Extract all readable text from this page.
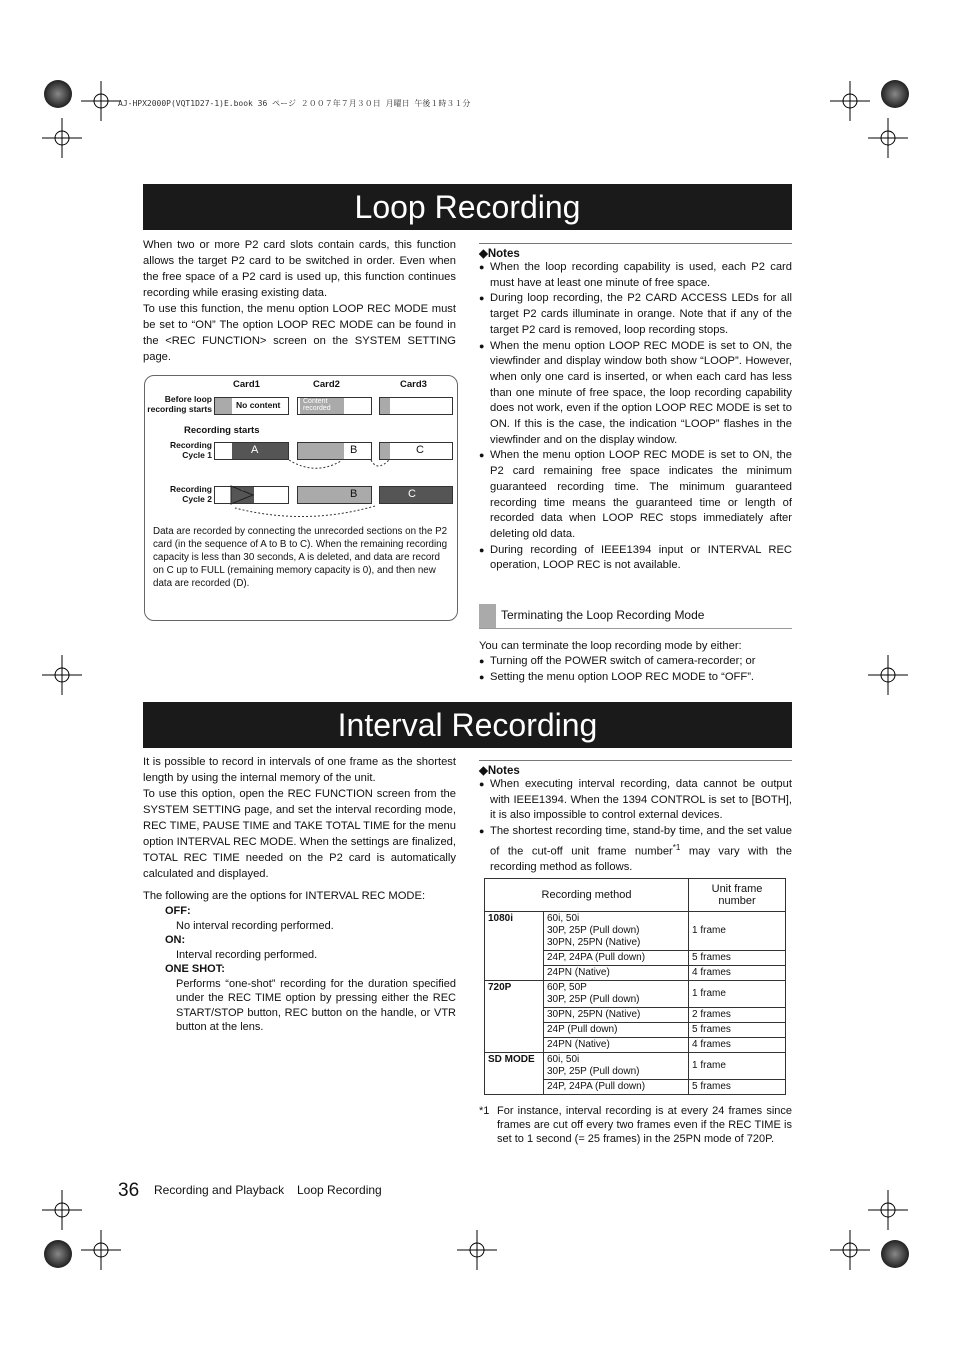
AJ-HPX2000P(VQT1D27-1)E.book 36 ページ ２００７年７月３０日 月曜日 午後１時３１分
Loop Recording

When two or more P2 card slots contain cards, this function allows the target P2 card to be switched in order. Even when the free space of a P2 card is used up, this function continues recording while erasing existing data.

To use this function, the menu option LOOP REC MODE must be set to “ON” The option LOOP REC MODE can be found in the <REC FUNCTION> screen on the SYSTEM SETTING page.

Card1	Card2	Card3
Before loop recording starts	No content	Content recorded
Recording starts
Recording Cycle 1	A	B	C
Recording Cycle 2	B	C
Data are recorded by connecting the unrecorded sections on the P2 card (in the sequence of A to B to C). When the remaining recording capacity is less than 30 seconds, A is deleted, and data are record on C up to FULL (remaining memory capacity is 0), and then new data are recorded (D).
◆Notes
● When the loop recording capability is used, each P2 card must have at least one minute of free space.
● During loop recording, the P2 CARD ACCESS LEDs for all target P2 cards illuminate in orange. Note that if any of the target P2 card is removed, loop recording stops.
● When the menu option LOOP REC MODE is set to ON, the viewfinder and display window both show “LOOP”. However, when only one card is inserted, or when each card has less than one minute of free space, the loop recording capability does not work, even if the option LOOP REC MODE is set to ON. If this is the case, the indication “LOOP” flashes in the viewfinder and on the display window.
● When the menu option LOOP REC MODE is set to ON, the P2 card remaining free space indicates the minimum guaranteed recording time. The minimum guaranteed recording time means the guaranteed time or length of recorded data when LOOP REC stops immediately after deleting old data.
● During recording of IEEE1394 input or INTERVAL REC operation, LOOP REC is not available.
Terminating the Loop Recording Mode
You can terminate the loop recording mode by either:
● Turning off the POWER switch of camera-recorder; or
● Setting the menu option LOOP REC MODE to “OFF”.
Interval Recording

It is possible to record in intervals of one frame as the shortest length by using the internal memory of the unit.

To use this option, open the REC FUNCTION screen from the SYSTEM SETTING page, and set the interval recording mode, REC TIME, PAUSE TIME and TAKE TOTAL TIME for the menu option INTERVAL REC MODE. When the settings are finalized, TOTAL REC TIME needed on the P2 card is automatically calculated and displayed.

The following are the options for INTERVAL REC MODE:

OFF:
No interval recording performed.
ON:
Interval recording performed.
ONE SHOT:
Performs “one-shot” recording for the duration specified under the REC TIME option by pressing either the REC START/STOP button, REC button on the handle, or VTR button at the lens.
◆Notes
● When executing interval recording, data cannot be output with IEEE1394. When the 1394 CONTROL is set to [BOTH], it is also impossible to control external devices.
● The shortest recording time, stand-by time, and the set value of the cut-off unit frame number$^{*1}$ may vary with the recording method as follows.
Recording method		Unit frame number
1080i	60i, 50i
30P, 25P (Pull down)
30PN, 25PN (Native)	1 frame
	24P, 24PA (Pull down)	5 frames
	24PN (Native)	4 frames
720P	60P, 50P
30P, 25P (Pull down)	1 frame
	30PN, 25PN (Native)	2 frames
	24P (Pull down)	5 frames
	24PN (Native)	4 frames
SD MODE	60i, 50i
30P, 25P (Pull down)	1 frame
	24P, 24PA (Pull down)	5 frames
*1 For instance, interval recording is at every 24 frames since frames are cut off every two frames even if the REC TIME is set to 1 second (= 25 frames) in the 25PN mode of 720P.
36 Recording and Playback Loop Recording
